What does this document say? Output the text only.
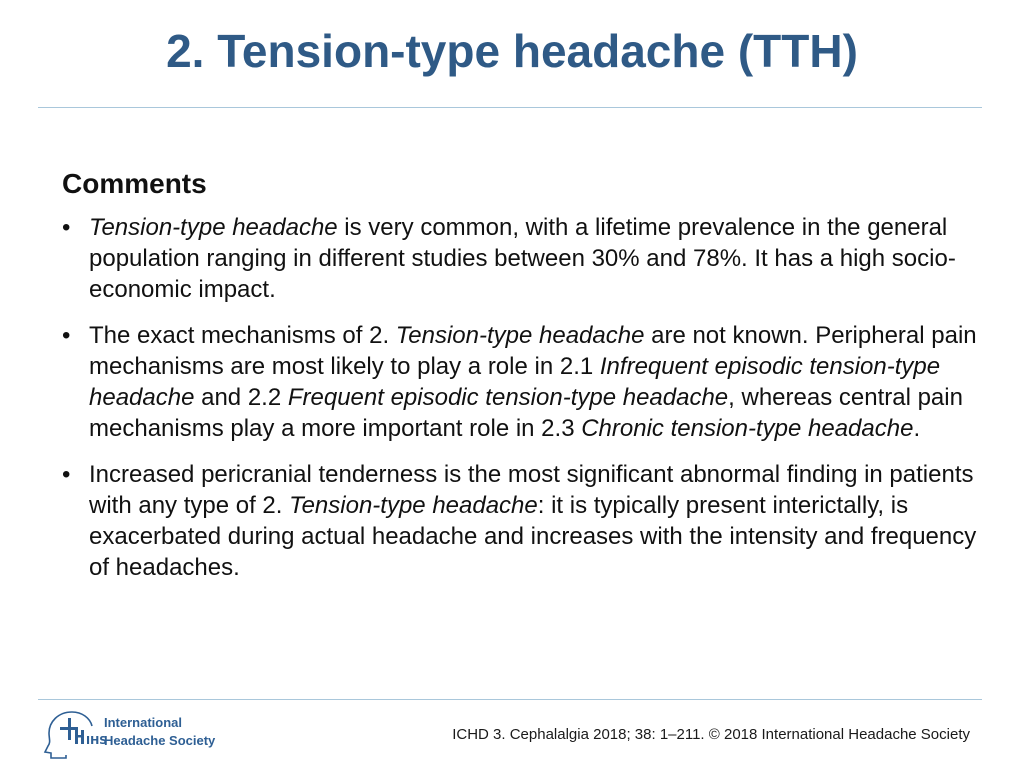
2. Tension-type headache (TTH)
Comments
• Tension-type headache is very common, with a lifetime prevalence in the general population ranging in different studies between 30% and 78%. It has a high socio-economic impact.
• The exact mechanisms of 2. Tension-type headache are not known. Peripheral pain mechanisms are most likely to play a role in 2.1 Infrequent episodic tension-type headache and 2.2 Frequent episodic tension-type headache, whereas central pain mechanisms play a more important role in 2.3 Chronic tension-type headache.
• Increased pericranial tenderness is the most significant abnormal finding in patients with any type of 2. Tension-type headache: it is typically present interictally, is exacerbated during actual headache and increases with the intensity and frequency of headaches.
IHS
International
Headache Society	ICHD 3. Cephalalgia 2018; 38: 1–211. © 2018 International Headache Society
